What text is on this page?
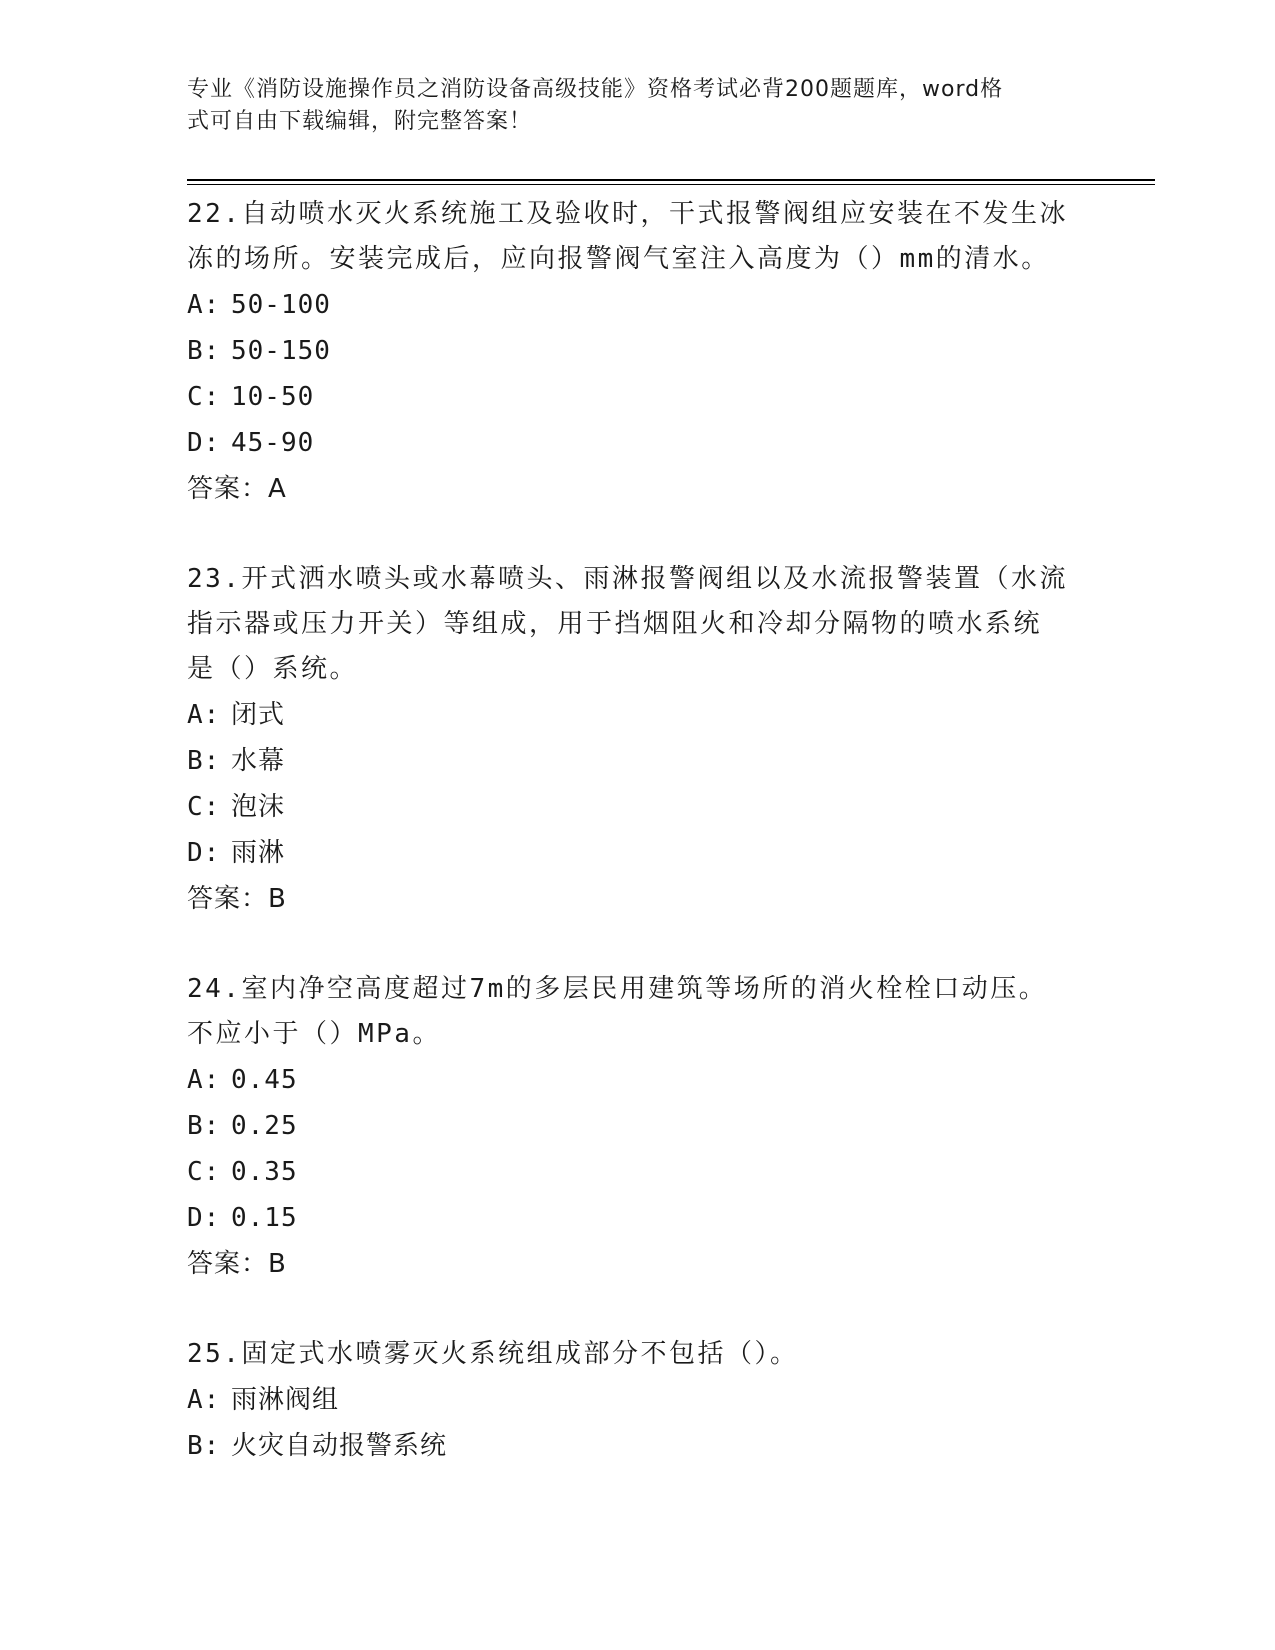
专业《消防设施操作员之消防设备高级技能》资格考试必背200题题库，word格
式可自由下载编辑，附完整答案！

22.自动喷水灭火系统施工及验收时，干式报警阀组应安装在不发生冰

冻的场所。安装完成后，应向报警阀气室注入高度为（）mm的清水。

A: 50-100

B: 50-150

C: 10-50

D: 45-90

答案：A

23.开式洒水喷头或水幕喷头、雨淋报警阀组以及水流报警装置（水流

指示器或压力开关）等组成，用于挡烟阻火和冷却分隔物的喷水系统

是（）系统。

A: 闭式

B: 水幕

C: 泡沫

D: 雨淋

答案：B

24.室内净空高度超过7m的多层民用建筑等场所的消火栓栓口动压。

不应小于（）MPa。

A: 0.45

B: 0.25

C: 0.35

D: 0.15

答案：B

25.固定式水喷雾灭火系统组成部分不包括（）。

A: 雨淋阀组

B: 火灾自动报警系统
